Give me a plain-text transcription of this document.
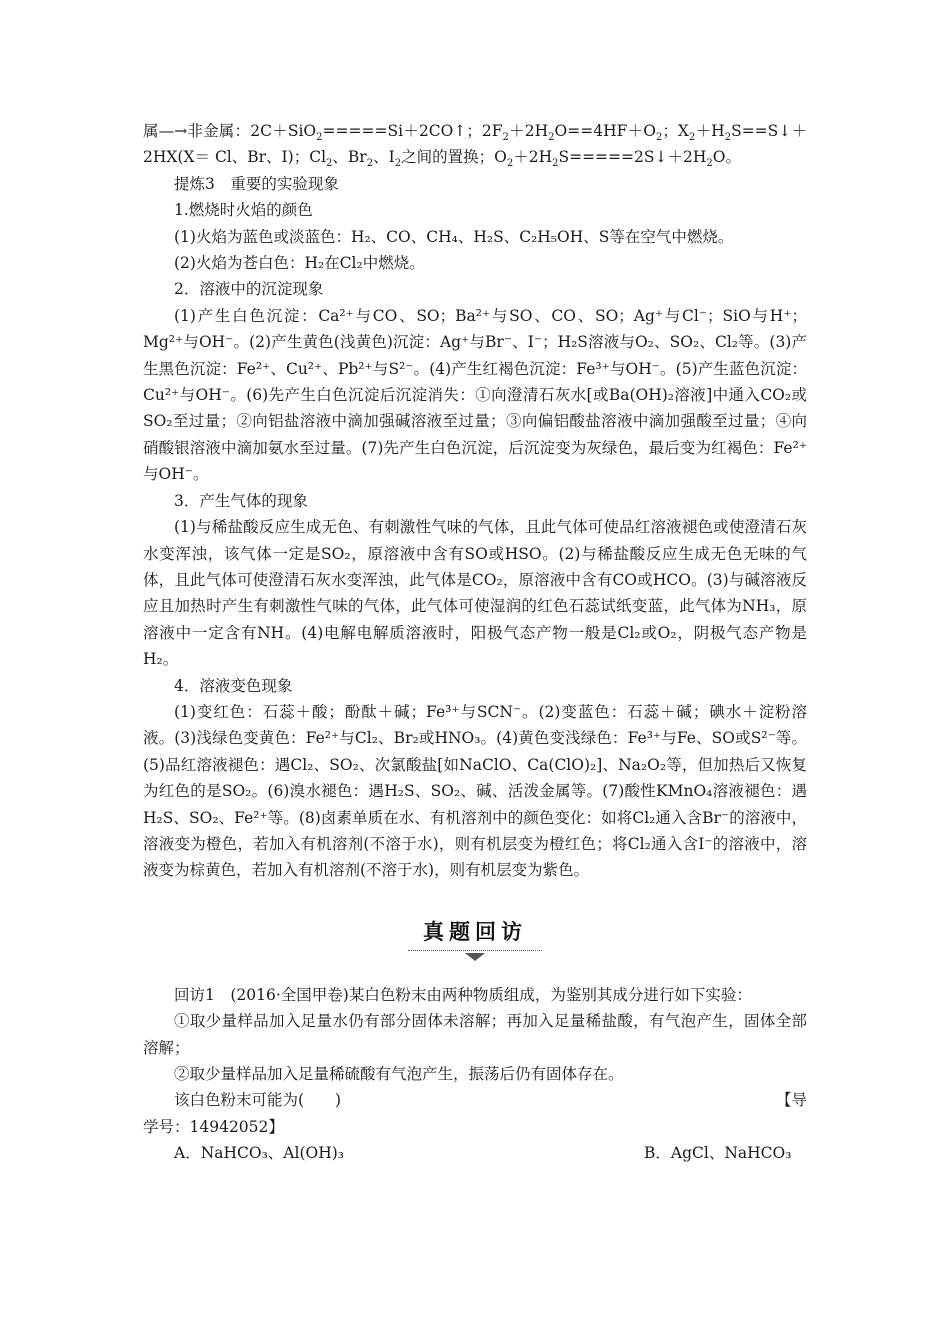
属—→非金属：2C＋SiO$_2$=====Si＋2CO↑；$2F_2+2H_2O==4HF+O_2$；$X_2+H_2S==S↓+2HX(X= Cl$、Br、I)；$Cl_2$、$Br_2$、$I_2$之间的置换；$O_2+2H_2S=====2S↓+2H_2O$。

提炼3　重要的实验现象

1.燃烧时火焰的颜色

(1)火焰为蓝色或淡蓝色：H₂、CO、CH₄、H₂S、C₂H₅OH、S等在空气中燃烧。

(2)火焰为苍白色：H₂在Cl₂中燃烧。

2．溶液中的沉淀现象

(1)产生白色沉淀：Ca²⁺与CO、SO；Ba²⁺与SO、CO、SO；Ag⁺与Cl⁻；SiO与H⁺；Mg²⁺与OH⁻。(2)产生黄色(浅黄色)沉淀：Ag⁺与Br⁻、I⁻；H₂S溶液与O₂、SO₂、Cl₂等。(3)产生黑色沉淀：Fe²⁺、Cu²⁺、Pb²⁺与S²⁻。(4)产生红褐色沉淀：Fe³⁺与OH⁻。(5)产生蓝色沉淀：Cu²⁺与OH⁻。(6)先产生白色沉淀后沉淀消失：①向澄清石灰水[或Ba(OH)₂溶液]中通入CO₂或SO₂至过量；②向铝盐溶液中滴加强碱溶液至过量；③向偏铝酸盐溶液中滴加强酸至过量；④向硝酸银溶液中滴加氨水至过量。(7)先产生白色沉淀，后沉淀变为灰绿色，最后变为红褐色：Fe²⁺与OH⁻。

3．产生气体的现象

(1)与稀盐酸反应生成无色、有刺激性气味的气体，且此气体可使品红溶液褪色或使澄清石灰水变浑浊，该气体一定是SO₂，原溶液中含有SO或HSO。(2)与稀盐酸反应生成无色无味的气体，且此气体可使澄清石灰水变浑浊，此气体是CO₂，原溶液中含有CO或HCO。(3)与碱溶液反应且加热时产生有刺激性气味的气体，此气体可使湿润的红色石蕊试纸变蓝，此气体为NH₃，原溶液中一定含有NH。(4)电解电解质溶液时，阳极气态产物一般是Cl₂或O₂，阴极气态产物是H₂。

4．溶液变色现象

(1)变红色：石蕊＋酸；酚酞＋碱；Fe³⁺与SCN⁻。(2)变蓝色：石蕊＋碱；碘水＋淀粉溶液。(3)浅绿色变黄色：Fe²⁺与Cl₂、Br₂或HNO₃。(4)黄色变浅绿色：Fe³⁺与Fe、SO或S²⁻等。(5)品红溶液褪色：遇Cl₂、SO₂、次氯酸盐[如NaClO、Ca(ClO)₂]、Na₂O₂等，但加热后又恢复为红色的是SO₂。(6)溴水褪色：遇H₂S、SO₂、碱、活泼金属等。(7)酸性KMnO₄溶液褪色：遇H₂S、SO₂、Fe²⁺等。(8)卤素单质在水、有机溶剂中的颜色变化：如将Cl₂通入含Br⁻的溶液中，溶液变为橙色，若加入有机溶剂(不溶于水)，则有机层变为橙红色；将Cl₂通入含I⁻的溶液中，溶液变为棕黄色，若加入有机溶剂(不溶于水)，则有机层变为紫色。

真题回访

回访1　(2016·全国甲卷)某白色粉末由两种物质组成，为鉴别其成分进行如下实验：

①取少量样品加入足量水仍有部分固体未溶解；再加入足量稀盐酸，有气泡产生，固体全部溶解；

②取少量样品加入足量稀硫酸有气泡产生，振荡后仍有固体存在。

该白色粉末可能为(　　)	【导

学号：14942052】

A．NaHCO₃、Al(OH)₃	B．AgCl、NaHCO₃
